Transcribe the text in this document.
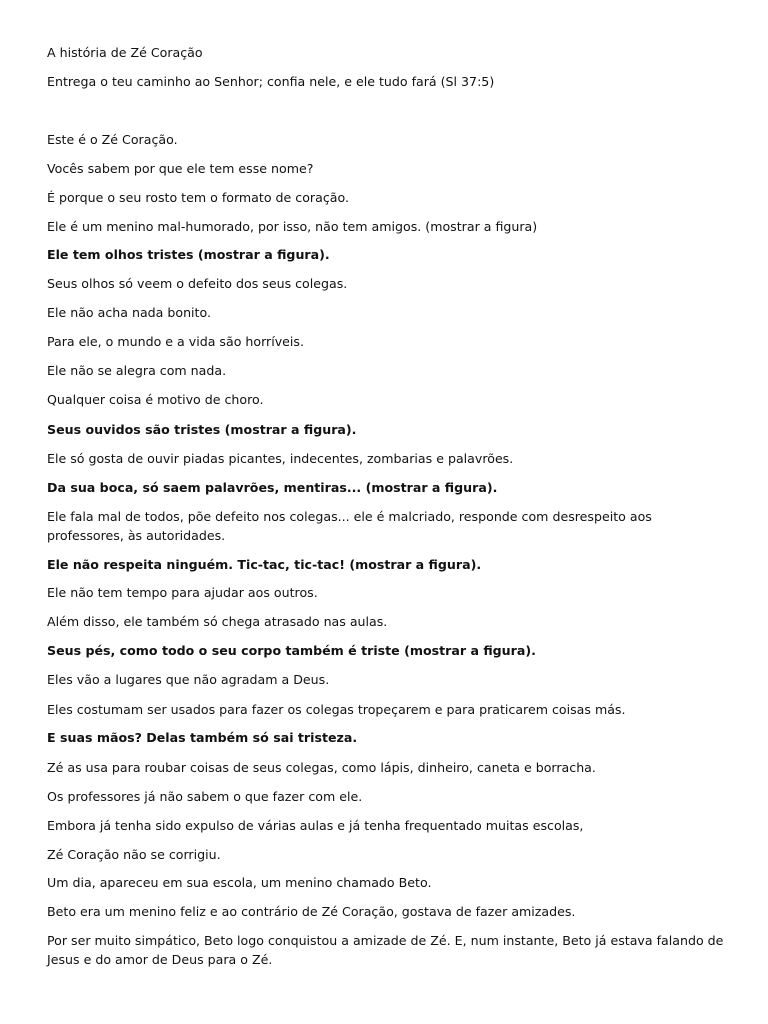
A história de Zé Coração
Entrega o teu caminho ao Senhor; confia nele, e ele tudo fará (Sl 37:5)
Este é o Zé Coração.
Vocês sabem por que ele tem esse nome?
É porque o seu rosto tem o formato de coração.
Ele é um menino mal-humorado, por isso, não tem amigos. (mostrar a figura)
Ele tem olhos tristes (mostrar a figura).
Seus olhos só veem o defeito dos seus colegas.
Ele não acha nada bonito.
Para ele, o mundo e a vida são horríveis.
Ele não se alegra com nada.
Qualquer coisa é motivo de choro.
Seus ouvidos são tristes (mostrar a figura).
Ele só gosta de ouvir piadas picantes, indecentes, zombarias e palavrões.
Da sua boca, só saem palavrões, mentiras... (mostrar a figura).
Ele fala mal de todos, põe defeito nos colegas... ele é malcriado, responde com desrespeito aos professores, às autoridades.
Ele não respeita ninguém. Tic-tac, tic-tac! (mostrar a figura).
Ele não tem tempo para ajudar aos outros.
Além disso, ele também só chega atrasado nas aulas.
Seus pés, como todo o seu corpo também é triste (mostrar a figura).
Eles vão a lugares que não agradam a Deus.
Eles costumam ser usados para fazer os colegas tropeçarem e para praticarem coisas más.
E suas mãos? Delas também só sai tristeza.
Zé as usa para roubar coisas de seus colegas, como lápis, dinheiro, caneta e borracha.
Os professores já não sabem o que fazer com ele.
Embora já tenha sido expulso de várias aulas e já tenha frequentado muitas escolas,
Zé Coração não se corrigiu.
Um dia, apareceu em sua escola, um menino chamado Beto.
Beto era um menino feliz e ao contrário de Zé Coração, gostava de fazer amizades.
Por ser muito simpático, Beto logo conquistou a amizade de Zé. E, num instante, Beto já estava falando de Jesus e do amor de Deus para o Zé.
